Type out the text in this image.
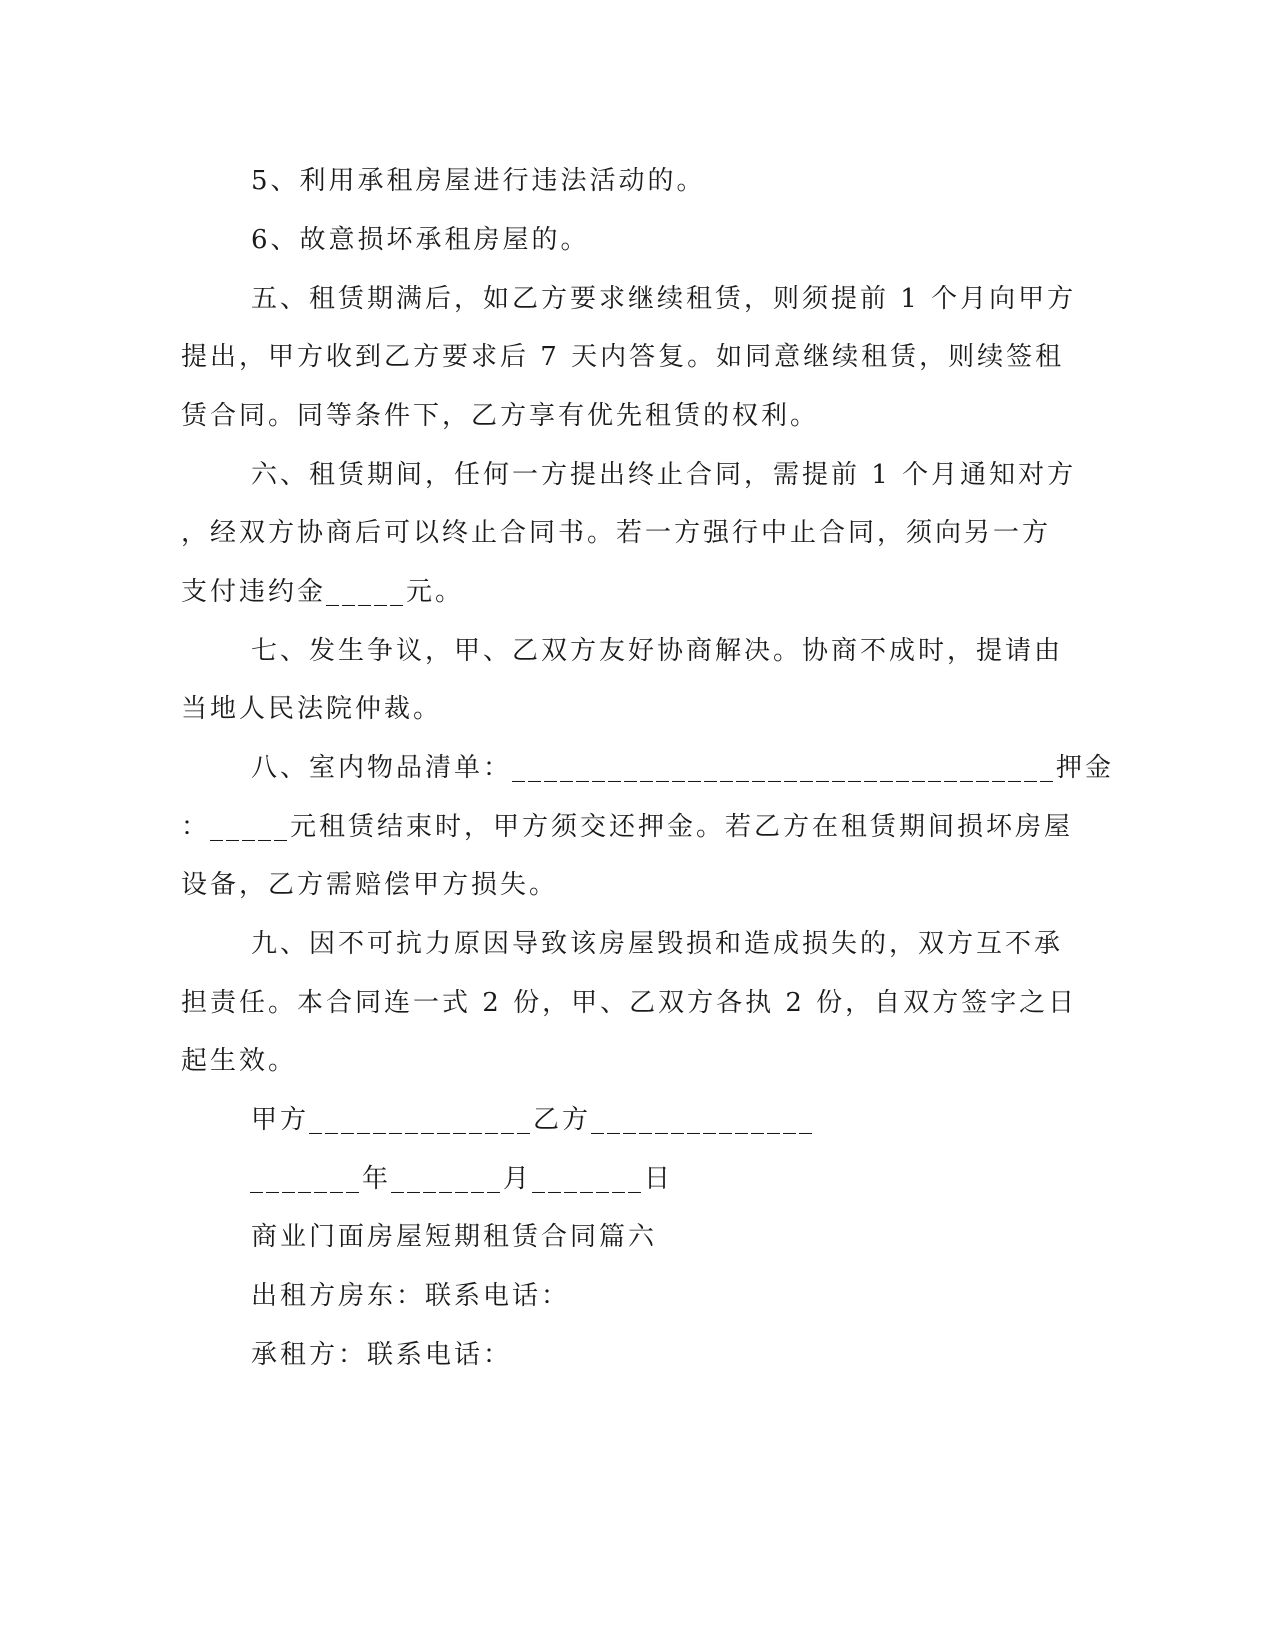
5、利用承租房屋进行违法活动的。
6、故意损坏承租房屋的。
五、租赁期满后，如乙方要求继续租赁，则须提前 1 个月向甲方
提出，甲方收到乙方要求后 7 天内答复。如同意继续租赁，则续签租
赁合同。同等条件下，乙方享有优先租赁的权利。
六、租赁期间，任何一方提出终止合同，需提前 1 个月通知对方
，经双方协商后可以终止合同书。若一方强行中止合同，须向另一方
支付违约金_____元。
七、发生争议，甲、乙双方友好协商解决。协商不成时，提请由
当地人民法院仲裁。
八、室内物品清单：__________________________________押金
：_____元租赁结束时，甲方须交还押金。若乙方在租赁期间损坏房屋
设备，乙方需赔偿甲方损失。
九、因不可抗力原因导致该房屋毁损和造成损失的，双方互不承
担责任。本合同连一式 2 份，甲、乙双方各执 2 份，自双方签字之日
起生效。
甲方______________乙方______________
_______年_______月_______日
商业门面房屋短期租赁合同篇六
出租方房东：联系电话：
承租方：联系电话：
